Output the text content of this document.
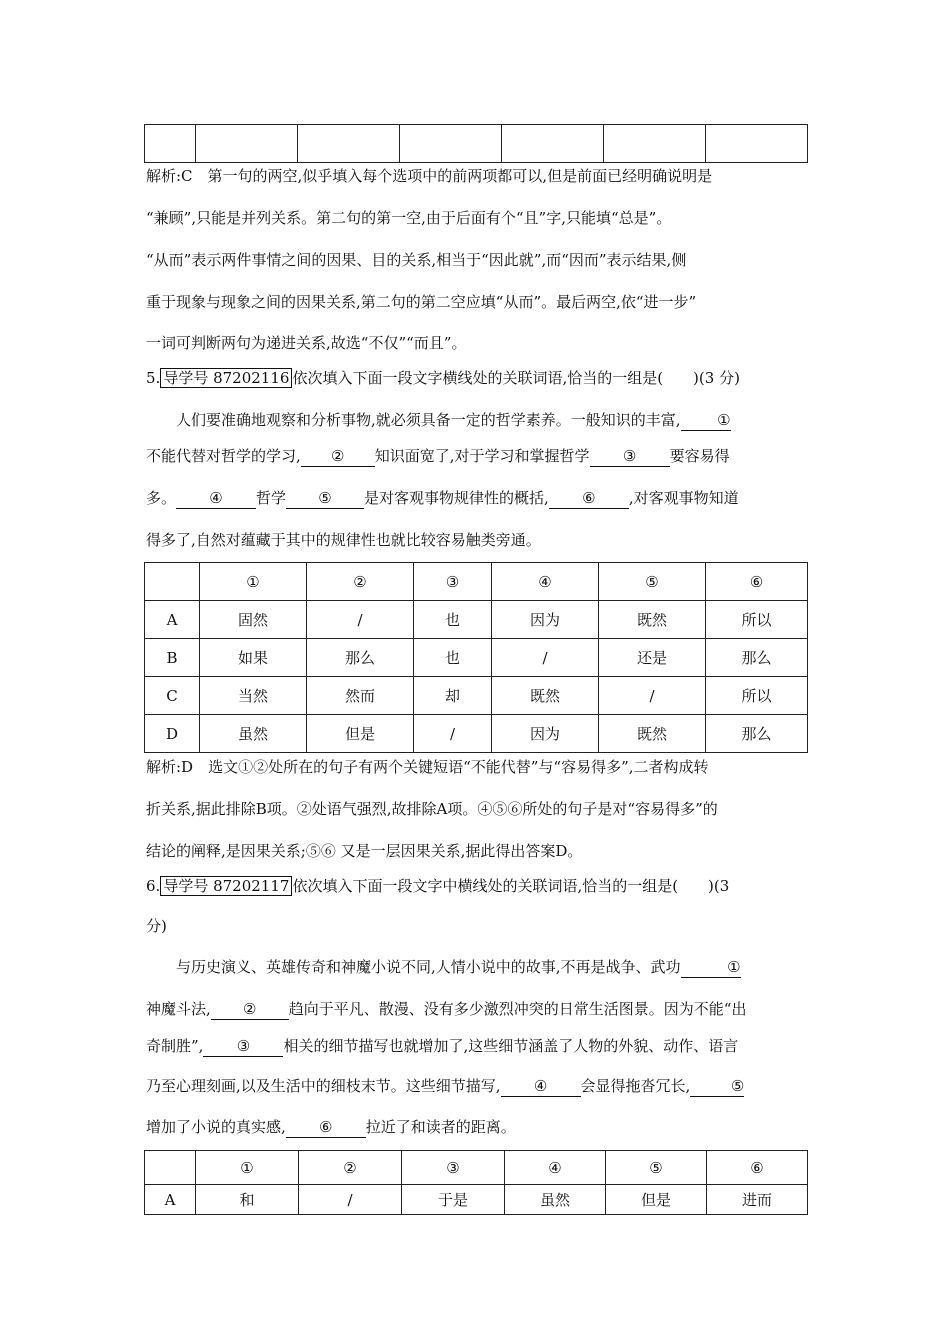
解析:C　第一句的两空,似乎填入每个选项中的前两项都可以,但是前面已经明确说明是
“兼顾”,只能是并列关系。第二句的第一空,由于后面有个“且”字,只能填“总是”。
“从而”表示两件事情之间的因果、目的关系,相当于“因此就”,而“因而”表示结果,侧
重于现象与现象之间的因果关系,第二句的第二空应填“从而”。最后两空,依“进一步”
一词可判断两句为递进关系,故选“不仅”“而且”。
5. 导学号 87202116 依次填入下面一段文字横线处的关联词语,恰当的一组是(　　)(3 分)
人们要准确地观察和分析事物,就必须具备一定的哲学素养。一般知识的丰富, ①
不能代替对哲学的学习, ② 知识面宽了,对于学习和掌握哲学 ③ 要容易得
多。 ④ 哲学 ⑤ 是对客观事物规律性的概括, ⑥ ,对客观事物知道
得多了,自然对蕴藏于其中的规律性也就比较容易触类旁通。
	①	②	③	④	⑤	⑥
A	固然	/	也	因为	既然	所以
B	如果	那么	也	/	还是	那么
C	当然	然而	却	既然	/	所以
D	虽然	但是	/	因为	既然	那么
解析:D　选文①②处所在的句子有两个关键短语“不能代替”与“容易得多”,二者构成转
折关系,据此排除B项。②处语气强烈,故排除A项。④⑤⑥所处的句子是对“容易得多”的
结论的阐释,是因果关系;⑤⑥ 又是一层因果关系,据此得出答案D。
6. 导学号 87202117 依次填入下面一段文字中横线处的关联词语,恰当的一组是(　　)(3
分)
与历史演义、英雄传奇和神魔小说不同,人情小说中的故事,不再是战争、武功	①
神魔斗法, ② 趋向于平凡、散漫、没有多少激烈冲突的日常生活图景。因为不能“出
奇制胜”, ③ 相关的细节描写也就增加了,这些细节涵盖了人物的外貌、动作、语言
乃至心理刻画,以及生活中的细枝末节。这些细节描写, ④ 会显得拖沓冗长,	⑤
增加了小说的真实感, ⑥ 拉近了和读者的距离。
	①	②	③	④	⑤	⑥
A	和	/	于是	虽然	但是	进而
